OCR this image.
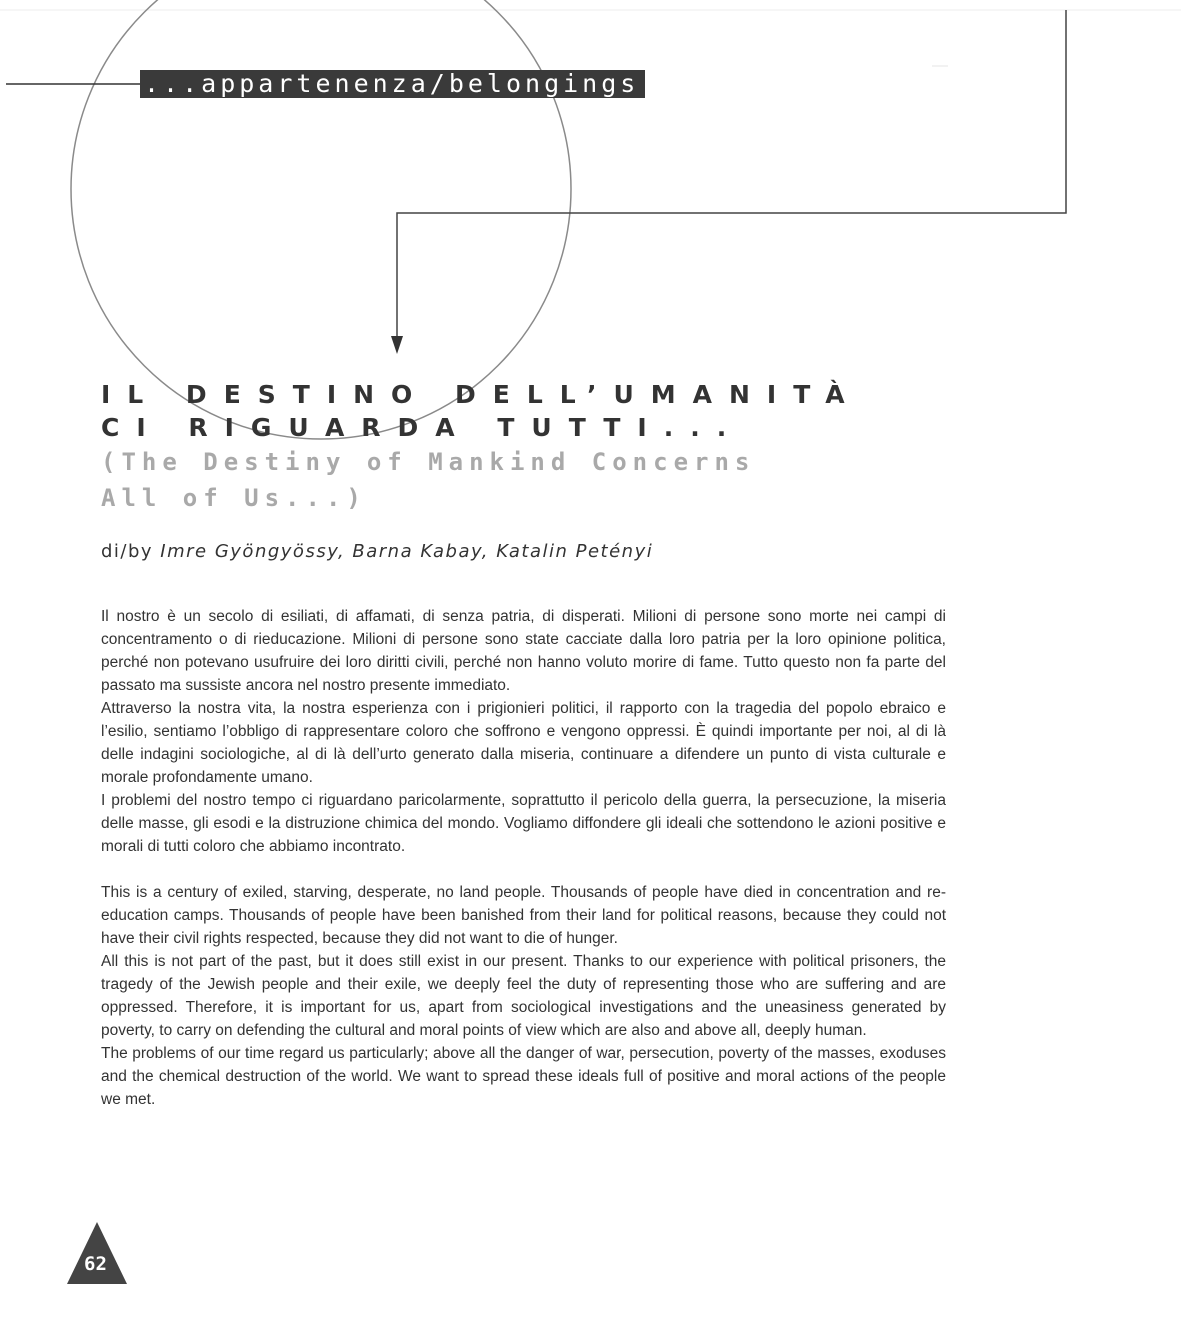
...appartenenza/belongings

IL DESTINO DELL’UMANITÀ

CI RIGUARDA TUTTI...

(The Destiny of Mankind Concerns

All of Us...)

di/by Imre Gyöngyössy, Barna Kabay, Katalin Petényi

Il nostro è un secolo di esiliati, di affamati, di senza patria, di disperati. Milioni di persone sono morte nei campi di concentramento o di rieducazione. Milioni di persone sono state cacciate dalla loro patria per la loro opinione politica, perché non potevano usufruire dei loro diritti civili, perché non hanno voluto morire di fame. Tutto questo non fa parte del passato ma sussiste ancora nel nostro presente immediato.

Attraverso la nostra vita, la nostra esperienza con i prigionieri politici, il rapporto con la tragedia del popolo ebraico e l’esilio, sentiamo l’obbligo di rappresentare coloro che soffrono e vengono oppressi. È quindi importante per noi, al di là delle indagini sociologiche, al di là dell’urto generato dalla miseria, continuare a difendere un punto di vista culturale e morale profondamente umano.

I problemi del nostro tempo ci riguardano paricolarmente, soprattutto il pericolo della guerra, la persecuzione, la miseria delle masse, gli esodi e la distruzione chimica del mondo. Vogliamo diffondere gli ideali che sottendono le azioni positive e morali di tutti coloro che abbiamo incontrato.

This is a century of exiled, starving, desperate, no land people. Thousands of people have died in concentration and re-education camps. Thousands of people have been banished from their land for political reasons, because they could not have their civil rights respected, because they did not want to die of hunger.

All this is not part of the past, but it does still exist in our present. Thanks to our experience with political prisoners, the tragedy of the Jewish people and their exile, we deeply feel the duty of representing those who are suffering and are oppressed. Therefore, it is important for us, apart from sociological investigations and the uneasiness generated by poverty, to carry on defending the cultural and moral points of view which are also and above all, deeply human.

The problems of our time regard us particularly; above all the danger of war, persecution, poverty of the masses, exoduses and the chemical destruction of the world. We want to spread these ideals full of positive and moral actions of the people we met.

62
